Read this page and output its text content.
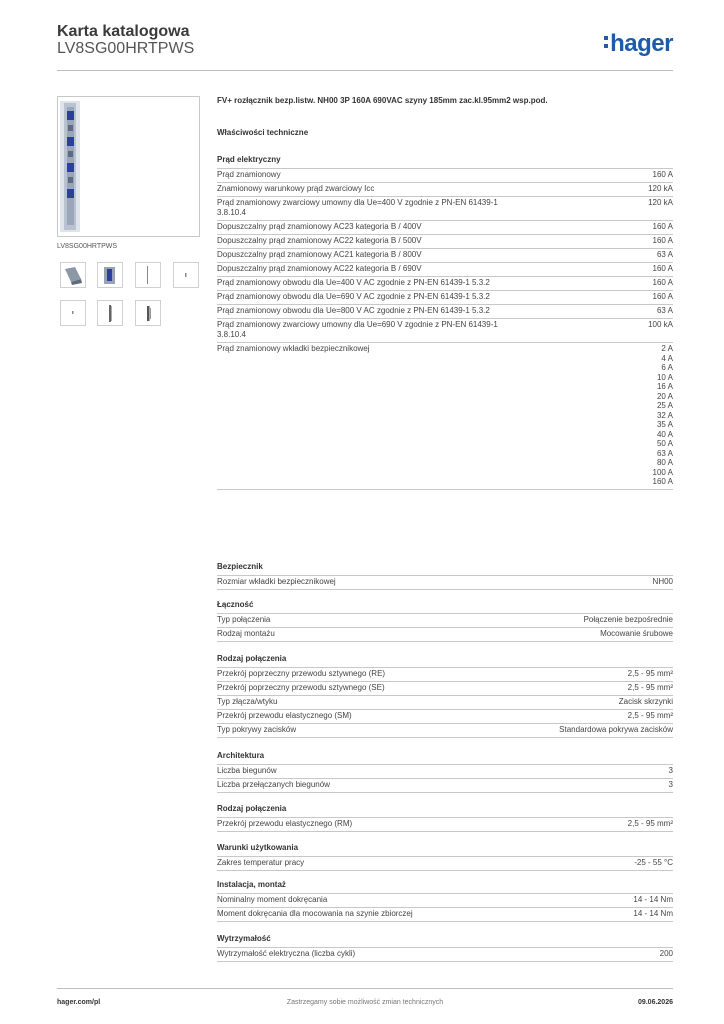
Karta katalogowa
LV8SG00HRTPWS	hager
LV8SG00HRTPWS
FV+ rozłącznik bezp.listw. NH00 3P 160A 690VAC szyny 185mm zac.kl.95mm2 wsp.pod.
Właściwości techniczne
Prąd elektryczny
Prąd znamionowy	160 A
Znamionowy warunkowy prąd zwarciowy Icc	120 kA
Prąd znamionowy zwarciowy umowny dla Ue=400 V zgodnie z PN-EN 61439-1 3.8.10.4
120 kA
Dopuszczalny prąd znamionowy AC23 kategoria B / 400V	160 A
Dopuszczalny prąd znamionowy AC22 kategoria B / 500V	160 A
Dopuszczalny prąd znamionowy AC21 kategoria B / 800V	63 A
Dopuszczalny prąd znamionowy AC22 kategoria B / 690V	160 A
Prąd znamionowy obwodu dla Ue=400 V AC zgodnie z PN-EN 61439-1 5.3.2	160 A
Prąd znamionowy obwodu dla Ue=690 V AC zgodnie z PN-EN 61439-1 5.3.2	160 A
Prąd znamionowy obwodu dla Ue=800 V AC zgodnie z PN-EN 61439-1 5.3.2	63 A
Prąd znamionowy zwarciowy umowny dla Ue=690 V zgodnie z PN-EN 61439-1 3.8.10.4
100 kA
Prąd znamionowy wkładki bezpiecznikowej	2 A
4 A
6 A
10 A
16 A
20 A
25 A
32 A
35 A
40 A
50 A
63 A
80 A
100 A
160 A
Bezpiecznik
Rozmiar wkładki bezpiecznikowej	NH00
Łączność
Typ połączenia	Połączenie bezpośrednie
Rodzaj montażu	Mocowanie śrubowe
Rodzaj połączenia
Przekrój poprzeczny przewodu sztywnego (RE)	2,5 - 95 mm²
Przekrój poprzeczny przewodu sztywnego (SE)	2,5 - 95 mm²
Typ złącza/wtyku	Zacisk skrzynki
Przekrój przewodu elastycznego (SM)	2,5 - 95 mm²
Typ pokrywy zacisków	Standardowa pokrywa zacisków
Architektura
Liczba biegunów	3
Liczba przełączanych biegunów	3
Rodzaj połączenia
Przekrój przewodu elastycznego (RM)	2,5 - 95 mm²
Warunki użytkowania
Zakres temperatur pracy	-25 - 55 °C
Instalacja, montaż
Nominalny moment dokręcania	14 - 14 Nm
Moment dokręcania dla mocowania na szynie zbiorczej	14 - 14 Nm
Wytrzymałość
Wytrzymałość elektryczna (liczba cykli)	200
hager.com/pl	Zastrzegamy sobie możliwość zmian technicznych	09.06.2026
